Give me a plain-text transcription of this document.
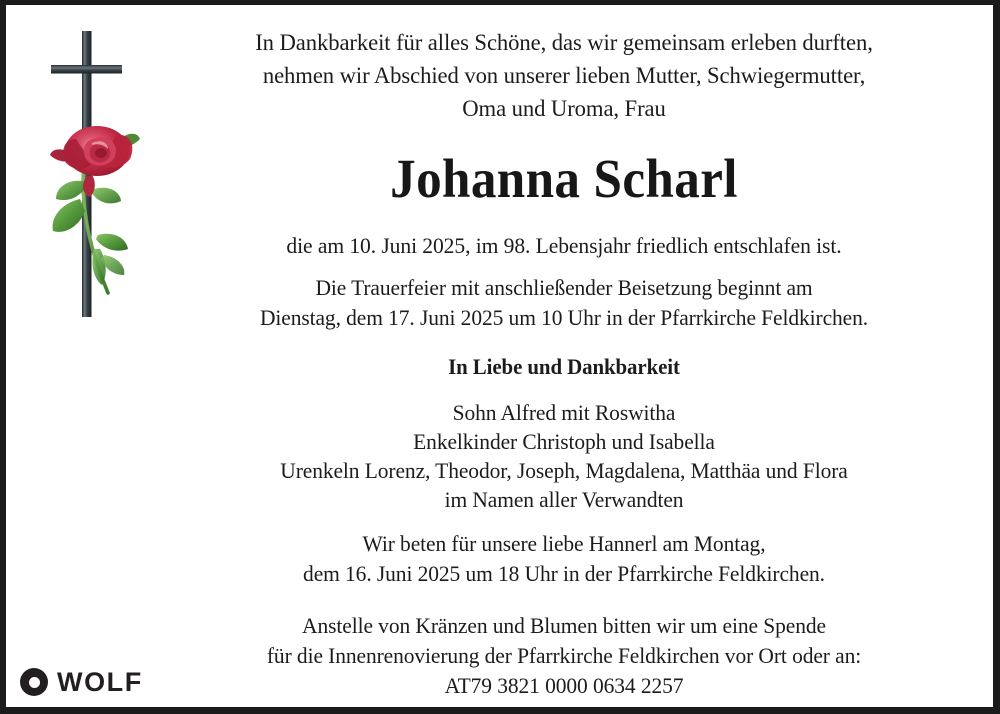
In Dankbarkeit für alles Schöne, das wir gemeinsam erleben durften,
nehmen wir Abschied von unserer lieben Mutter, Schwiegermutter,
Oma und Uroma, Frau
Johanna Scharl
die am 10. Juni 2025, im 98. Lebensjahr friedlich entschlafen ist.
Die Trauerfeier mit anschließender Beisetzung beginnt am
Dienstag, dem 17. Juni 2025 um 10 Uhr in der Pfarrkirche Feldkirchen.
In Liebe und Dankbarkeit
Sohn Alfred mit Roswitha
Enkelkinder Christoph und Isabella
Urenkeln Lorenz, Theodor, Joseph, Magdalena, Matthäa und Flora
im Namen aller Verwandten
Wir beten für unsere liebe Hannerl am Montag,
dem 16. Juni 2025 um 18 Uhr in der Pfarrkirche Feldkirchen.
Anstelle von Kränzen und Blumen bitten wir um eine Spende
für die Innenrenovierung der Pfarrkirche Feldkirchen vor Ort oder an:
AT79 3821 0000 0634 2257
WOLF
